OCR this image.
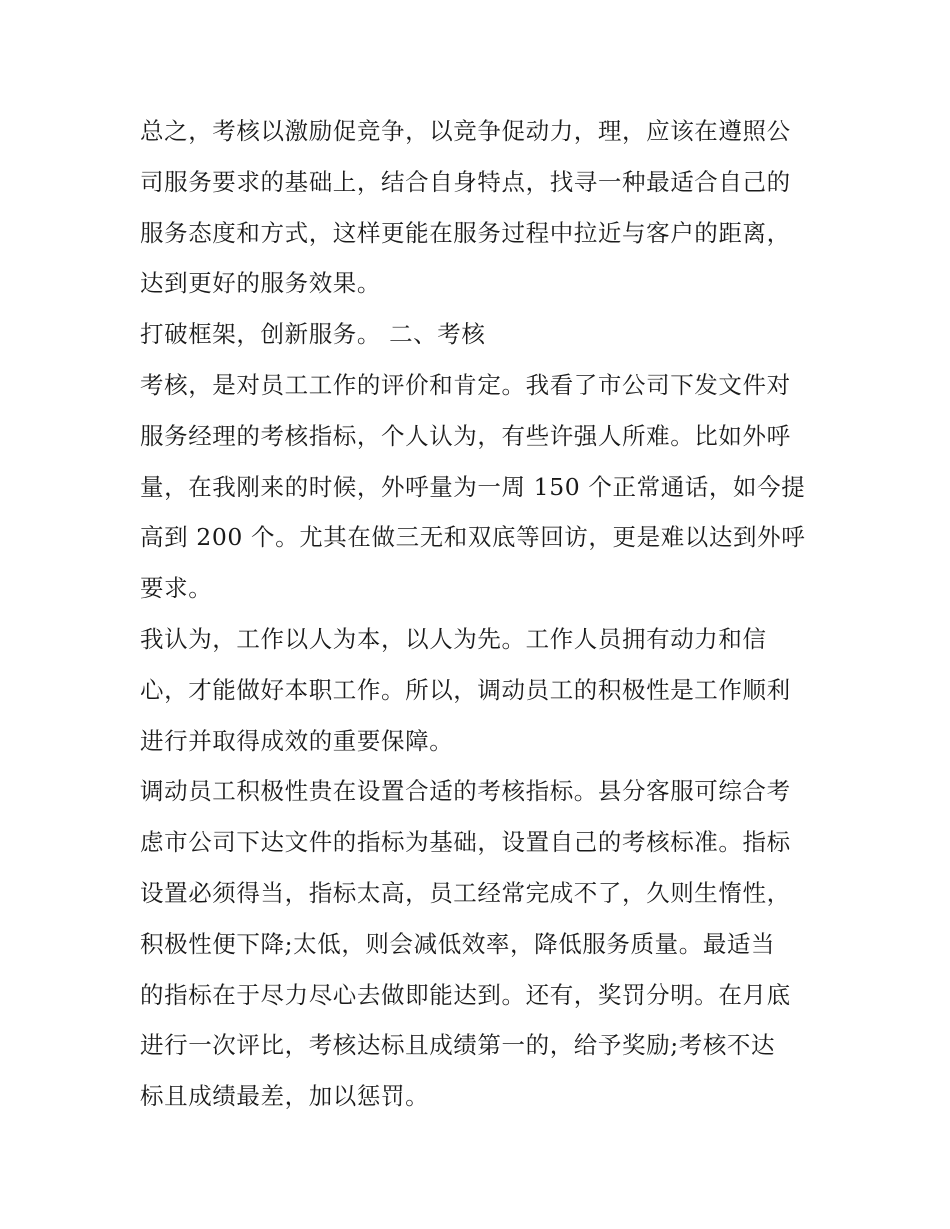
总之，考核以激励促竞争，以竞争促动力，理，应该在遵照公
司服务要求的基础上，结合自身特点，找寻一种最适合自己的
服务态度和方式，这样更能在服务过程中拉近与客户的距离，
达到更好的服务效果。
打破框架，创新服务。 二、考核
考核，是对员工工作的评价和肯定。我看了市公司下发文件对
服务经理的考核指标，个人认为，有些许强人所难。比如外呼
量，在我刚来的时候，外呼量为一周 150 个正常通话，如今提
高到 200 个。尤其在做三无和双底等回访，更是难以达到外呼
要求。
我认为，工作以人为本，以人为先。工作人员拥有动力和信
心，才能做好本职工作。所以，调动员工的积极性是工作顺利
进行并取得成效的重要保障。
调动员工积极性贵在设置合适的考核指标。县分客服可综合考
虑市公司下达文件的指标为基础，设置自己的考核标准。指标
设置必须得当，指标太高，员工经常完成不了，久则生惰性，
积极性便下降;太低，则会减低效率，降低服务质量。最适当
的指标在于尽力尽心去做即能达到。还有，奖罚分明。在月底
进行一次评比，考核达标且成绩第一的，给予奖励;考核不达
标且成绩最差，加以惩罚。
